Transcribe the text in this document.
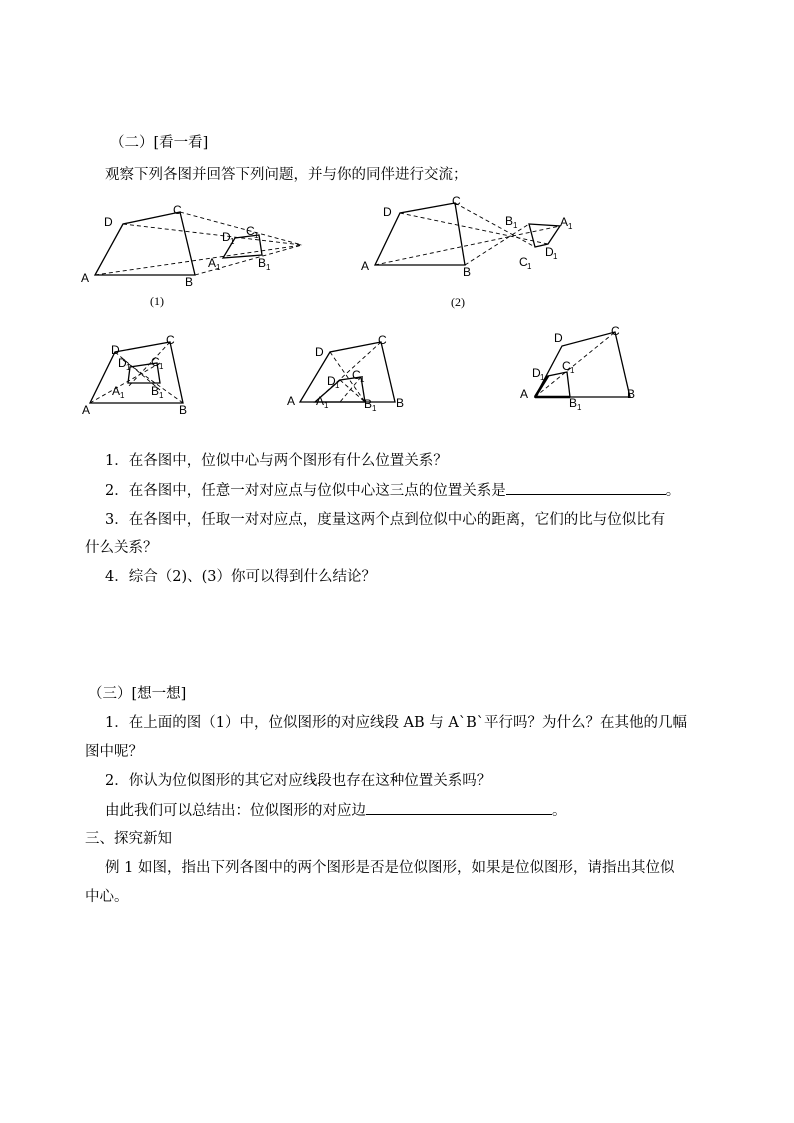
（二）[看一看]
观察下列各图并回答下列问题，并与你的同伴进行交流；
A	B
C
D
A 1	B 1
C 1
D 1
(1)
A	B
C
D
B 1	A 1
C 1
D 1
(2)
A	B
C
D
A 1 B 1
C 1
D 1
A	B
C
D
A 1	B 1
C 1
D 1
A	B
C
D
B 1
C 1
D 1
1．在各图中，位似中心与两个图形有什么位置关系？
2．在各图中，任意一对对应点与位似中心这三点的位置关系是	。
3．在各图中，任取一对对应点，度量这两个点到位似中心的距离，它们的比与位似比有
什么关系？
4．综合（2)、(3）你可以得到什么结论？
（三）[想一想]
1．在上面的图（1）中，位似图形的对应线段 AB 与 A`B`平行吗？为什么？在其他的几幅
图中呢？
2．你认为位似图形的其它对应线段也存在这种位置关系吗？
由此我们可以总结出：位似图形的对应边	。
三、探究新知
例 1 如图，指出下列各图中的两个图形是否是位似图形，如果是位似图形，请指出其位似
中心。
